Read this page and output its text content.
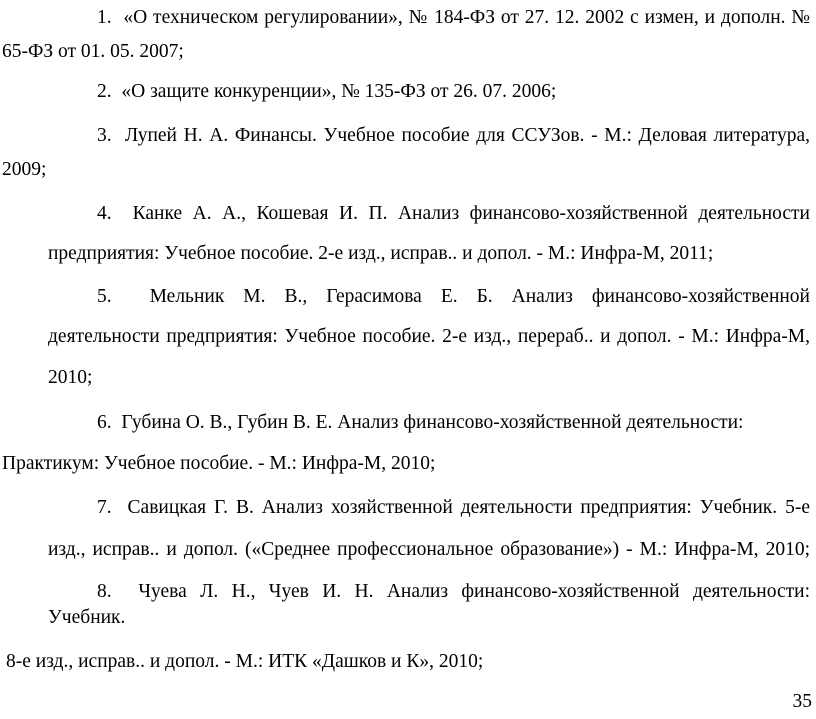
1. «О техническом регулировании», № 184-ФЗ от 27. 12. 2002 с измен, и дополн. №
65-ФЗ от 01. 05. 2007;
2. «О защите конкуренции», № 135-ФЗ от 26. 07. 2006;
3. Лупей Н. А. Финансы. Учебное пособие для ССУЗов. - М.: Деловая литература,
2009;
4. Канке А. А., Кошевая И. П. Анализ финансово-хозяйственной деятельности
предприятия: Учебное пособие. 2-е изд., исправ.. и допол. - М.: Инфра-М, 2011;
5. Мельник М. В., Герасимова Е. Б. Анализ финансово-хозяйственной
деятельности предприятия: Учебное пособие. 2-е изд., перераб.. и допол. - М.: Инфра-М,
2010;
6. Губина О. В., Губин В. Е. Анализ финансово-хозяйственной деятельности:
Практикум: Учебное пособие. - М.: Инфра-М, 2010;
7. Савицкая Г. В. Анализ хозяйственной деятельности предприятия: Учебник. 5-е
изд., исправ.. и допол. («Среднее профессиональное образование») - М.: Инфра-М, 2010;
8. Чуева Л. Н., Чуев И. Н. Анализ финансово-хозяйственной деятельности:
Учебник.
8-е изд., исправ.. и допол. - М.: ИТК «Дашков и К», 2010;
35
